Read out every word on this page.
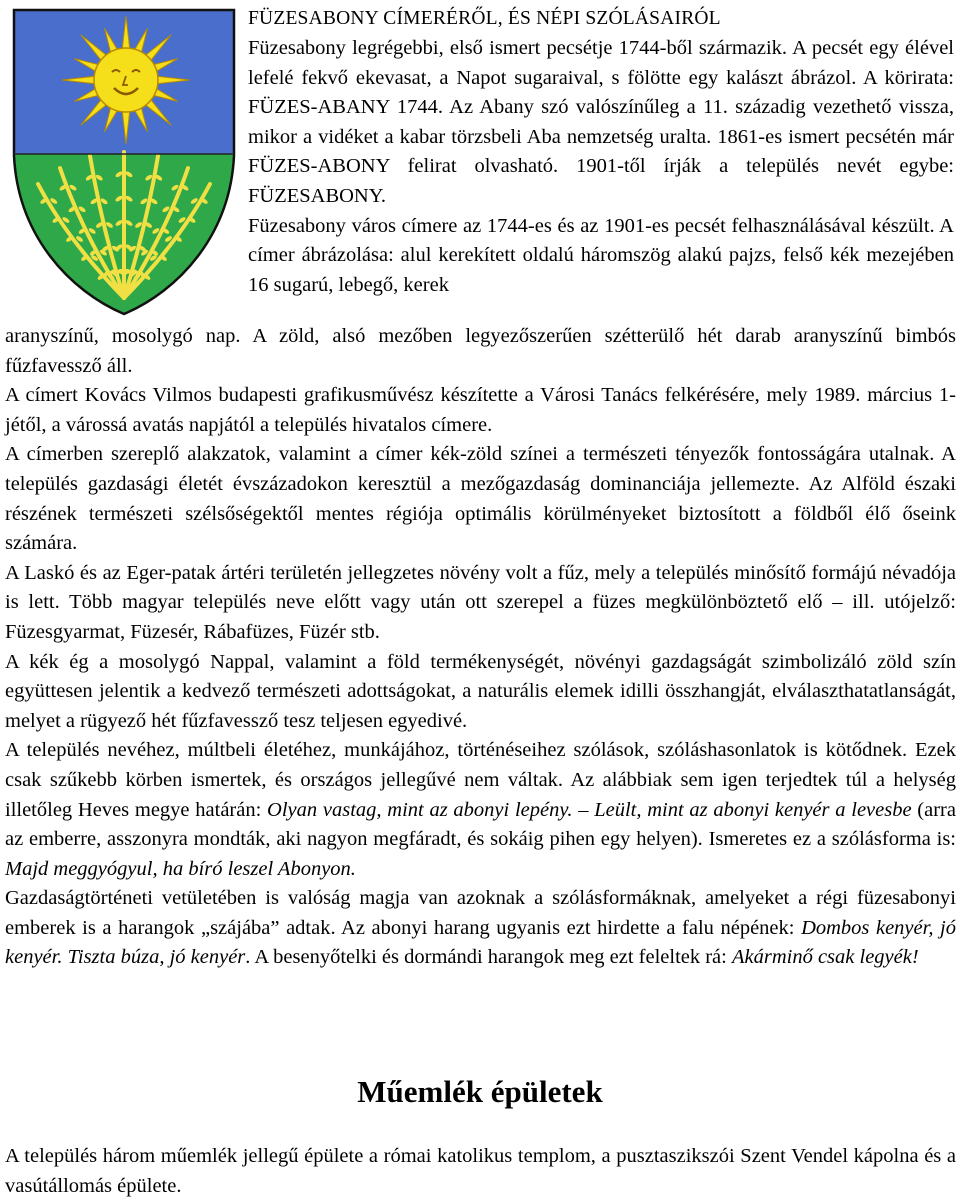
FÜZESABONY CÍMERÉRŐL, ÉS NÉPI SZÓLÁSAIRÓL

Füzesabony legrégebbi, első ismert pecsétje 1744-ből származik. A pecsét egy élével lefelé fekvő ekevasat, a Napot sugaraival, s fölötte egy kalászt ábrázol. A körirata: FÜZES-ABANY 1744. Az Abany szó valószínűleg a 11. századig vezethető vissza, mikor a vidéket a kabar törzsbeli Aba nemzetség uralta. 1861-es ismert pecsétén már FÜZES-ABONY felirat olvasható. 1901-től írják a település nevét egybe: FÜZESABONY.

Füzesabony város címere az 1744-es és az 1901-es pecsét felhasználásával készült. A címer ábrázolása: alul kerekített oldalú háromszög alakú pajzs, felső kék mezejében 16 sugarú, lebegő, kerek

aranyszínű, mosolygó nap. A zöld, alsó mezőben legyezőszerűen szétterülő hét darab aranyszínű bimbós fűzfavessző áll.

A címert Kovács Vilmos budapesti grafikusművész készítette a Városi Tanács felkérésére, mely 1989. március 1-jétől, a várossá avatás napjától a település hivatalos címere.

A címerben szereplő alakzatok, valamint a címer kék-zöld színei a természeti tényezők fontosságára utalnak. A település gazdasági életét évszázadokon keresztül a mezőgazdaság dominanciája jellemezte. Az Alföld északi részének természeti szélsőségektől mentes régiója optimális körülményeket biztosított a földből élő őseink számára.

A Laskó és az Eger-patak ártéri területén jellegzetes növény volt a fűz, mely a település minősítő formájú névadója is lett. Több magyar település neve előtt vagy után ott szerepel a füzes megkülönböztető elő – ill. utójelző: Füzesgyarmat, Füzesér, Rábafüzes, Füzér stb.

A kék ég a mosolygó Nappal, valamint a föld termékenységét, növényi gazdagságát szimbolizáló zöld szín együttesen jelentik a kedvező természeti adottságokat, a naturális elemek idilli összhangját, elválaszthatatlanságát, melyet a rügyező hét fűzfavessző tesz teljesen egyedivé.

A település nevéhez, múltbeli életéhez, munkájához, történéseihez szólások, szóláshasonlatok is kötődnek. Ezek csak szűkebb körben ismertek, és országos jellegűvé nem váltak. Az alábbiak sem igen terjedtek túl a helység illetőleg Heves megye határán: Olyan vastag, mint az abonyi lepény. – Leült, mint az abonyi kenyér a levesbe (arra az emberre, asszonyra mondták, aki nagyon megfáradt, és sokáig pihen egy helyen). Ismeretes ez a szólásforma is: Majd meggyógyul, ha bíró leszel Abonyon.

Gazdaságtörténeti vetületében is valóság magja van azoknak a szólásformáknak, amelyeket a régi füzesabonyi emberek is a harangok „szájába” adtak. Az abonyi harang ugyanis ezt hirdette a falu népének: Dombos kenyér, jó kenyér. Tiszta búza, jó kenyér. A besenyőtelki és dormándi harangok meg ezt feleltek rá: Akárminő csak legyék!

Műemlék épületek

A település három műemlék jellegű épülete a római katolikus templom, a pusztaszikszói Szent Vendel kápolna és a vasútállomás épülete.
